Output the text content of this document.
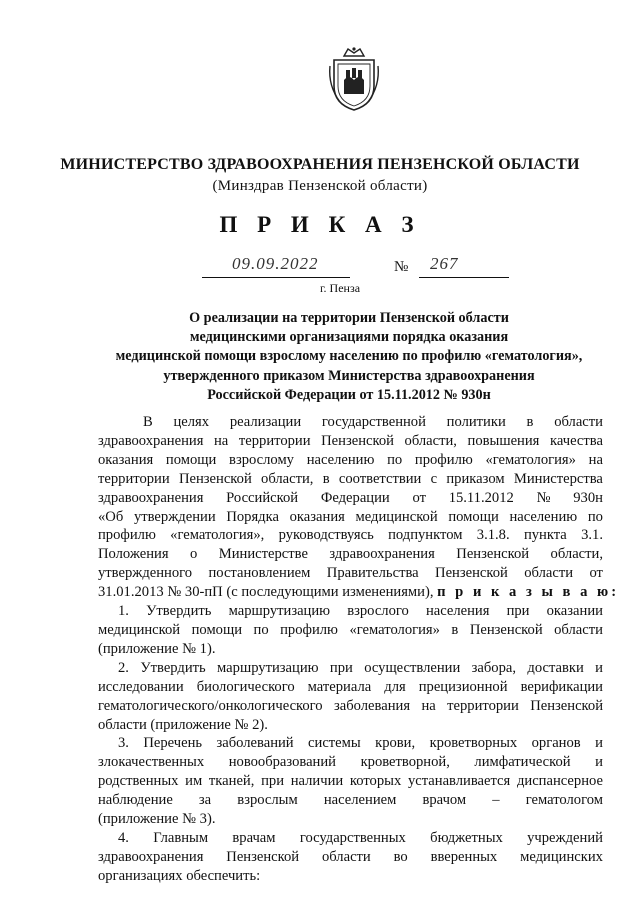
МИНИСТЕРСТВО ЗДРАВООХРАНЕНИЯ ПЕНЗЕНСКОЙ ОБЛАСТИ
(Минздрав Пензенской области)
П Р И К А З
09.09.2022	№ 267
г. Пенза
О реализации на территории Пензенской области
медицинскими организациями порядка оказания
медицинской помощи взрослому населению по профилю «гематология»,
утвержденного приказом Министерства здравоохранения
Российской Федерации от 15.11.2012 № 930н
В целях реализации государственной политики в области
здравоохранения на территории Пензенской области, повышения качества
оказания помощи взрослому населению по профилю «гематология» на
территории Пензенской области, в соответствии с приказом Министерства
здравоохранения Российской Федерации от 15.11.2012 № 930н
«Об утверждении Порядка оказания медицинской помощи населению по
профилю «гематология», руководствуясь подпунктом 3.1.8. пункта 3.1.
Положения о Министерстве здравоохранения Пензенской области,
утвержденного постановлением Правительства Пензенской области от
31.01.2013 № 30-пП (с последующими изменениями),
п р и к а з ы в а ю:
1. Утвердить маршрутизацию взрослого населения при оказании
медицинской помощи по профилю «гематология» в Пензенской области
(приложение № 1).
2. Утвердить маршрутизацию при осуществлении забора, доставки и
исследовании биологического материала для прецизионной верификации
гематологического/онкологического заболевания на территории Пензенской
области (приложение № 2).
3. Перечень заболеваний системы крови, кроветворных органов и
злокачественных новообразований кроветворной, лимфатической и
родственных им тканей, при наличии которых устанавливается диспансерное
наблюдение за взрослым населением врачом – гематологом
(приложение № 3).
4. Главным врачам государственных бюджетных учреждений
здравоохранения Пензенской области во вверенных медицинских
организациях обеспечить:
